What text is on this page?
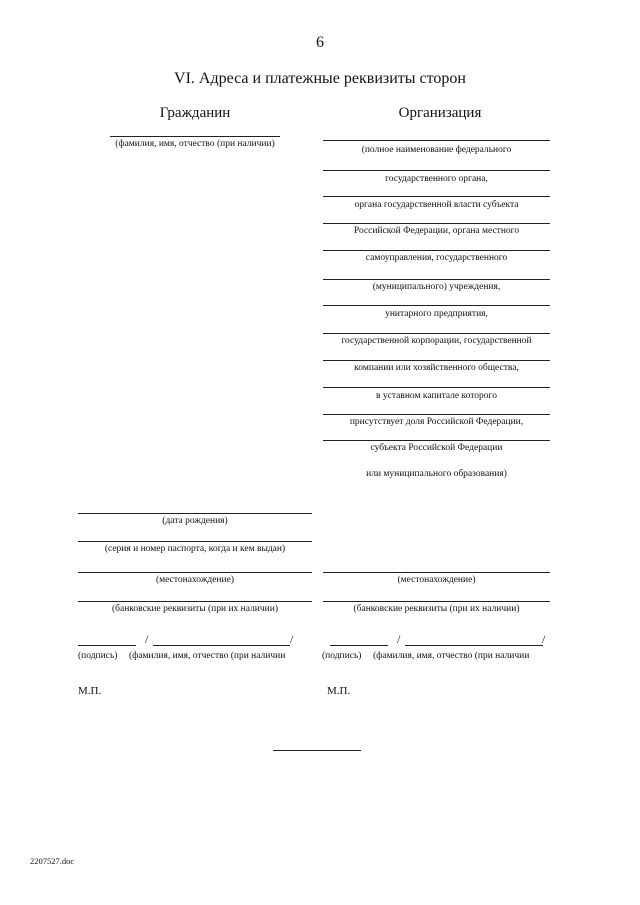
6
VI. Адреса и платежные реквизиты сторон
Гражданин	Организация
(фамилия, имя, отчество (при наличии)
(дата рождения)
(серия и номер паспорта, когда и кем выдан)
(местонахождение)
(банковские реквизиты (при их наличии)
/	/
(подпись) (фамилия, имя, отчество (при наличии
М.П.
(полное наименование федерального
государственного органа,
органа государственной власти субъекта
Российской Федерации, органа местного
самоуправления, государственного
(муниципального) учреждения,
унитарного предприятия,
государственной корпорации, государственной
компании или хозяйственного общества,
в уставном капитале которого
присутствует доля Российской Федерации,
субъекта Российской Федерации
или муниципального образования)
(местонахождение)
(банковские реквизиты (при их наличии)
/	/
(подпись) (фамилия, имя, отчество (при наличии
М.П.
2207527.doc
